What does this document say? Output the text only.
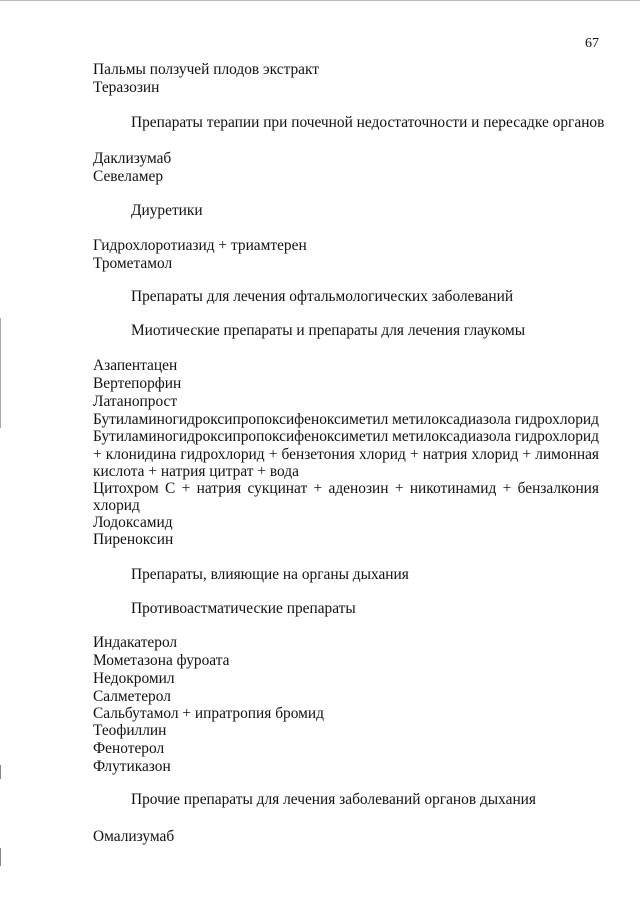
67
Пальмы ползучей плодов экстракт
Теразозин
Препараты терапии при почечной недостаточности и пересадке органов
Даклизумаб
Севеламер
Диуретики
Гидрохлоротиазид + триамтерен
Трометамол
Препараты для лечения офтальмологических заболеваний
Миотические препараты и препараты для лечения глаукомы
Азапентацен
Вертепорфин
Латанопрост
Бутиламиногидроксипропоксифеноксиметил метилоксадиазола гидрохлорид
Бутиламиногидроксипропоксифеноксиметил метилоксадиазола гидрохлорид
+ клонидина гидрохлорид + бензетония хлорид + натрия хлорид + лимонная
кислота + натрия цитрат + вода
Цитохром C + натрия сукцинат + аденозин + никотинамид + бензалкония
хлорид
Лодоксамид
Пиреноксин
Препараты, влияющие на органы дыхания
Противоастматические препараты
Индакатерол
Мометазона фуроата
Недокромил
Салметерол
Сальбутамол + ипратропия бромид
Теофиллин
Фенотерол
Флутиказон
Прочие препараты для лечения заболеваний органов дыхания
Омализумаб
